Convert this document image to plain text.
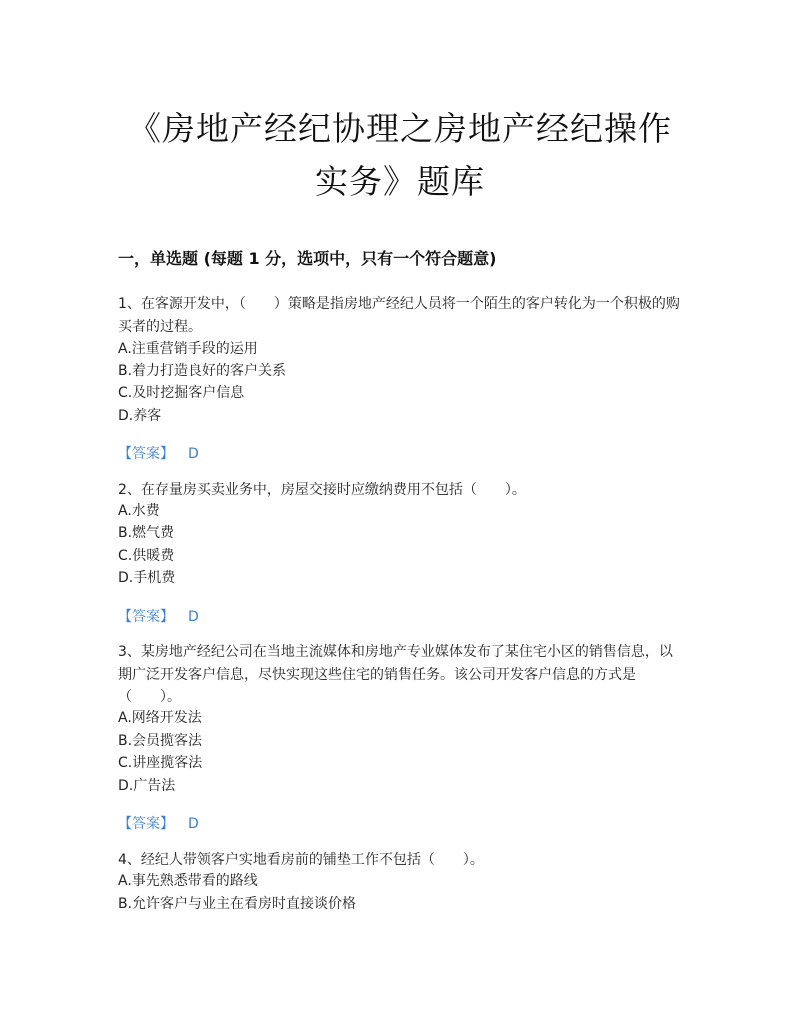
《房地产经纪协理之房地产经纪操作
实务》题库
一，单选题 (每题 1 分，选项中，只有一个符合题意)
1、在客源开发中，（　　）策略是指房地产经纪人员将一个陌生的客户转化为一个积极的购买者的过程。
A.注重营销手段的运用
B.着力打造良好的客户关系
C.及时挖掘客户信息
D.养客
【答案】 D
2、在存量房买卖业务中，房屋交接时应缴纳费用不包括（　　）。
A.水费
B.燃气费
C.供暖费
D.手机费
【答案】 D
3、某房地产经纪公司在当地主流媒体和房地产专业媒体发布了某住宅小区的销售信息，以期广泛开发客户信息，尽快实现这些住宅的销售任务。该公司开发客户信息的方式是（　　）。
A.网络开发法
B.会员揽客法
C.讲座揽客法
D.广告法
【答案】 D
4、经纪人带领客户实地看房前的铺垫工作不包括（　　）。
A.事先熟悉带看的路线
B.允许客户与业主在看房时直接谈价格
